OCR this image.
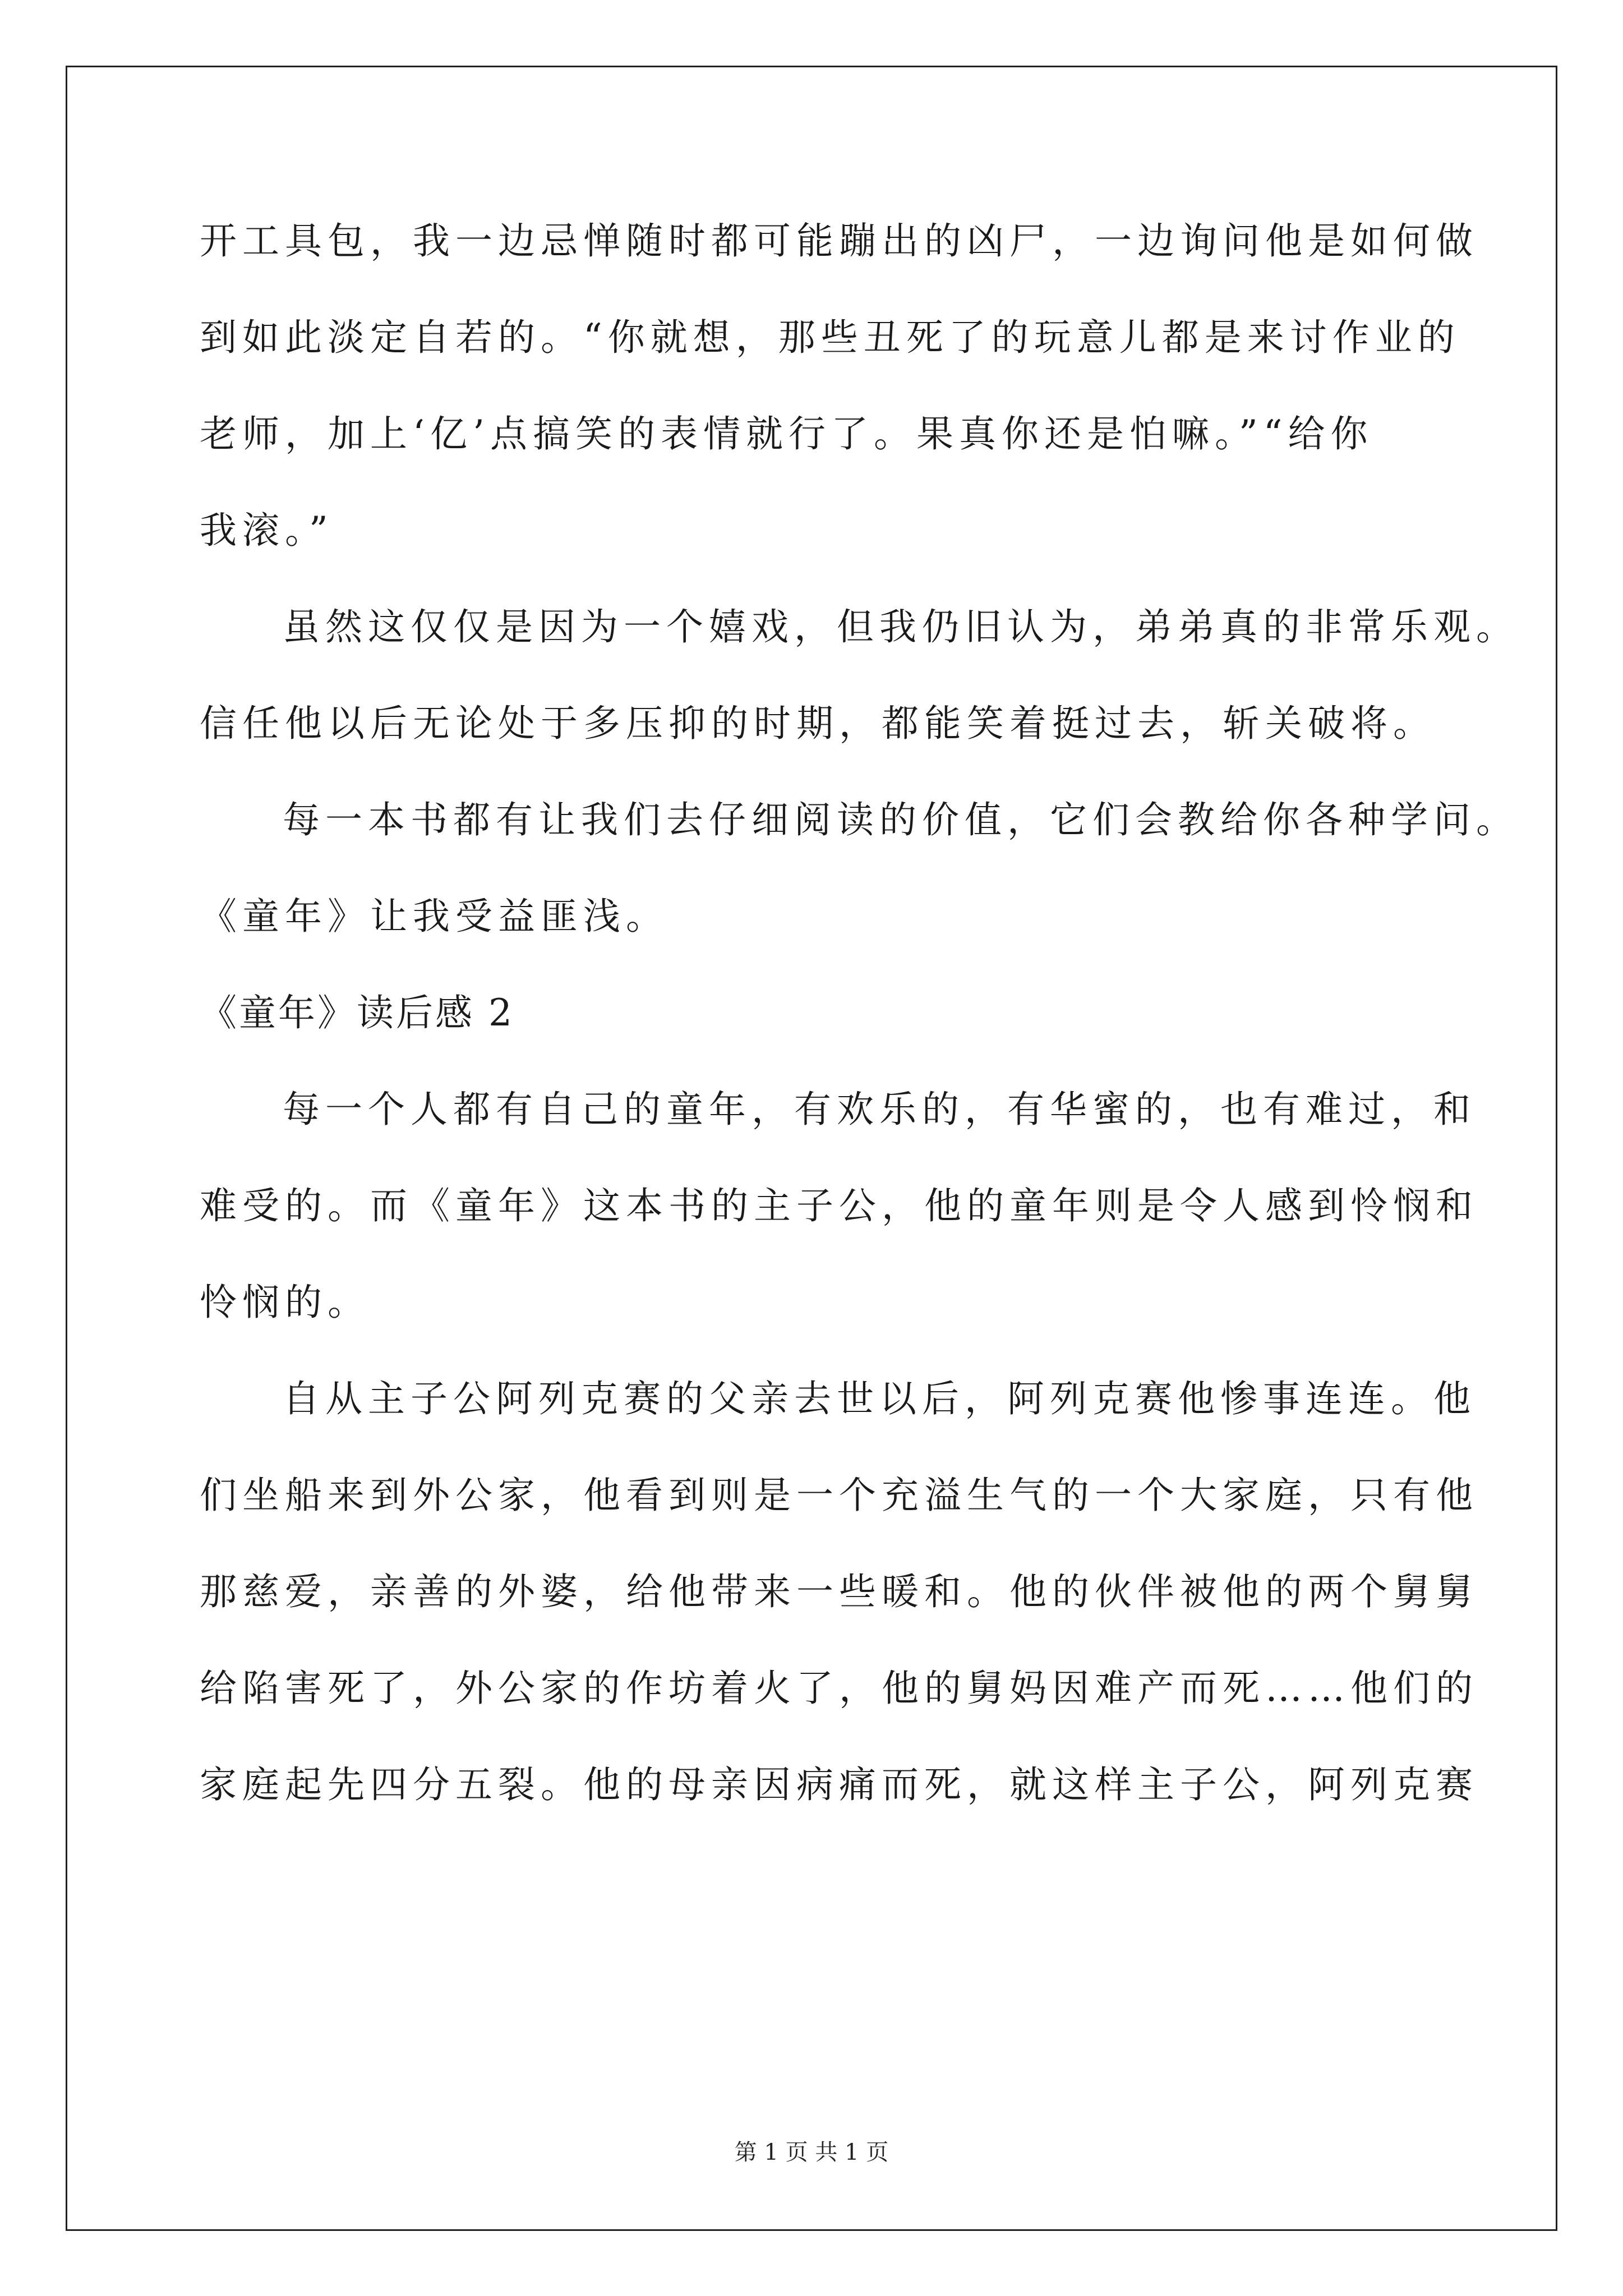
开工具包，我一边忌惮随时都可能蹦出的凶尸，一边询问他是如何做
到如此淡定自若的。“你就想，那些丑死了的玩意儿都是来讨作业的
老师，加上‘亿’点搞笑的表情就行了。果真你还是怕嘛。”“给你
我滚。”
虽然这仅仅是因为一个嬉戏，但我仍旧认为，弟弟真的非常乐观。
信任他以后无论处于多压抑的时期，都能笑着挺过去，斩关破将。
每一本书都有让我们去仔细阅读的价值，它们会教给你各种学问。
《童年》让我受益匪浅。
《童年》读后感 2
每一个人都有自己的童年，有欢乐的，有华蜜的，也有难过，和
难受的。而《童年》这本书的主子公，他的童年则是令人感到怜悯和
怜悯的。
自从主子公阿列克赛的父亲去世以后，阿列克赛他惨事连连。他
们坐船来到外公家，他看到则是一个充溢生气的一个大家庭，只有他
那慈爱，亲善的外婆，给他带来一些暖和。他的伙伴被他的两个舅舅
给陷害死了，外公家的作坊着火了，他的舅妈因难产而死……他们的
家庭起先四分五裂。他的母亲因病痛而死，就这样主子公，阿列克赛
第 1 页 共 1 页
